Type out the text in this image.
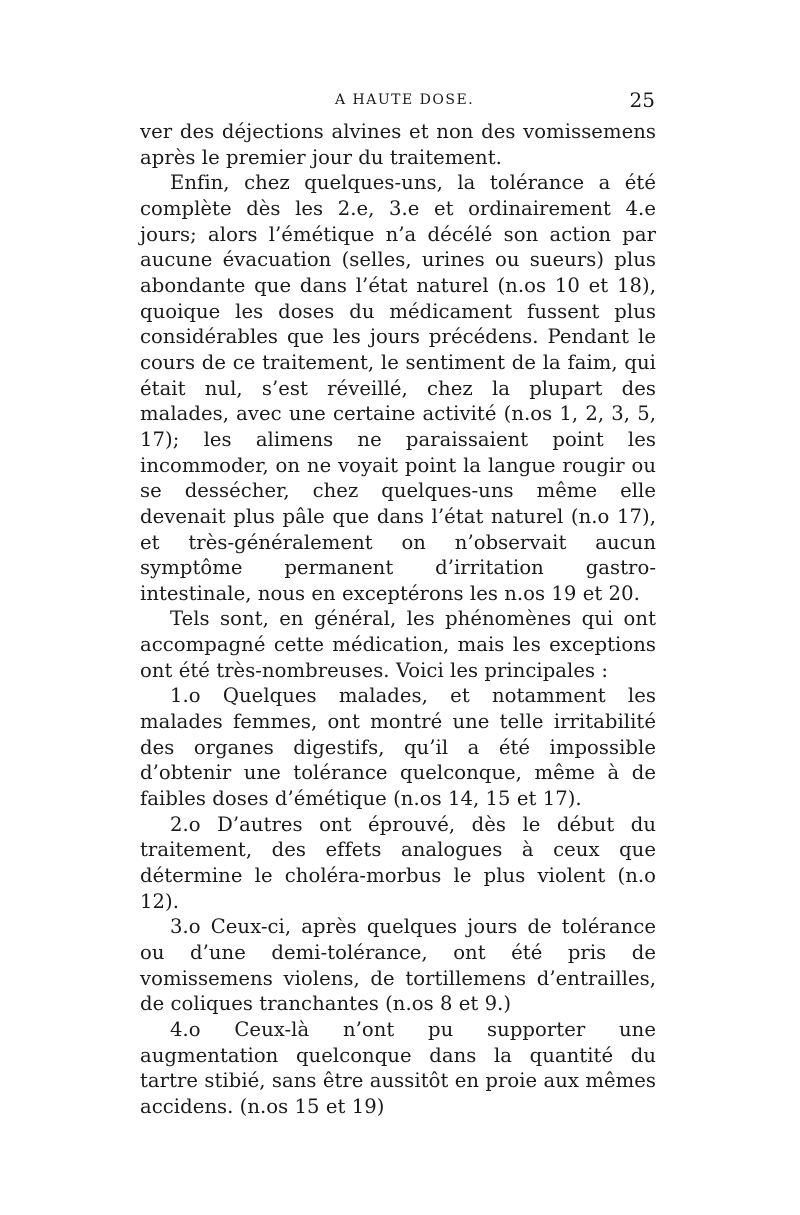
A HAUTE DOSE.	25

ver des déjections alvines et non des vomissemens après le premier jour du traitement.

Enfin, chez quelques-uns, la tolérance a été complète dès les 2.e, 3.e et ordinairement 4.e jours; alors l’émétique n’a décélé son action par aucune évacuation (selles, urines ou sueurs) plus abondante que dans l’état naturel (n.os 10 et 18), quoique les doses du médicament fussent plus considérables que les jours précédens. Pendant le cours de ce traitement, le sentiment de la faim, qui était nul, s’est réveillé, chez la plupart des malades, avec une certaine activité (n.os 1, 2, 3, 5, 17); les alimens ne paraissaient point les incommoder, on ne voyait point la langue rougir ou se dessécher, chez quelques-uns même elle devenait plus pâle que dans l’état naturel (n.o 17), et très-généralement on n’observait aucun symptôme permanent d’irritation gastro-intestinale, nous en exceptérons les n.os 19 et 20.

Tels sont, en général, les phénomènes qui ont accompagné cette médication, mais les exceptions ont été très-nombreuses. Voici les principales :

1.o Quelques malades, et notamment les malades femmes, ont montré une telle irritabilité des organes digestifs, qu’il a été impossible d’obtenir une tolérance quelconque, même à de faibles doses d’émétique (n.os 14, 15 et 17).

2.o D’autres ont éprouvé, dès le début du traitement, des effets analogues à ceux que détermine le choléra-morbus le plus violent (n.o 12).

3.o Ceux-ci, après quelques jours de tolérance ou d’une demi-tolérance, ont été pris de vomissemens violens, de tortillemens d’entrailles, de coliques tranchantes (n.os 8 et 9.)

4.o Ceux-là n’ont pu supporter une augmentation quelconque dans la quantité du tartre stibié, sans être aussitôt en proie aux mêmes accidens. (n.os 15 et 19)
